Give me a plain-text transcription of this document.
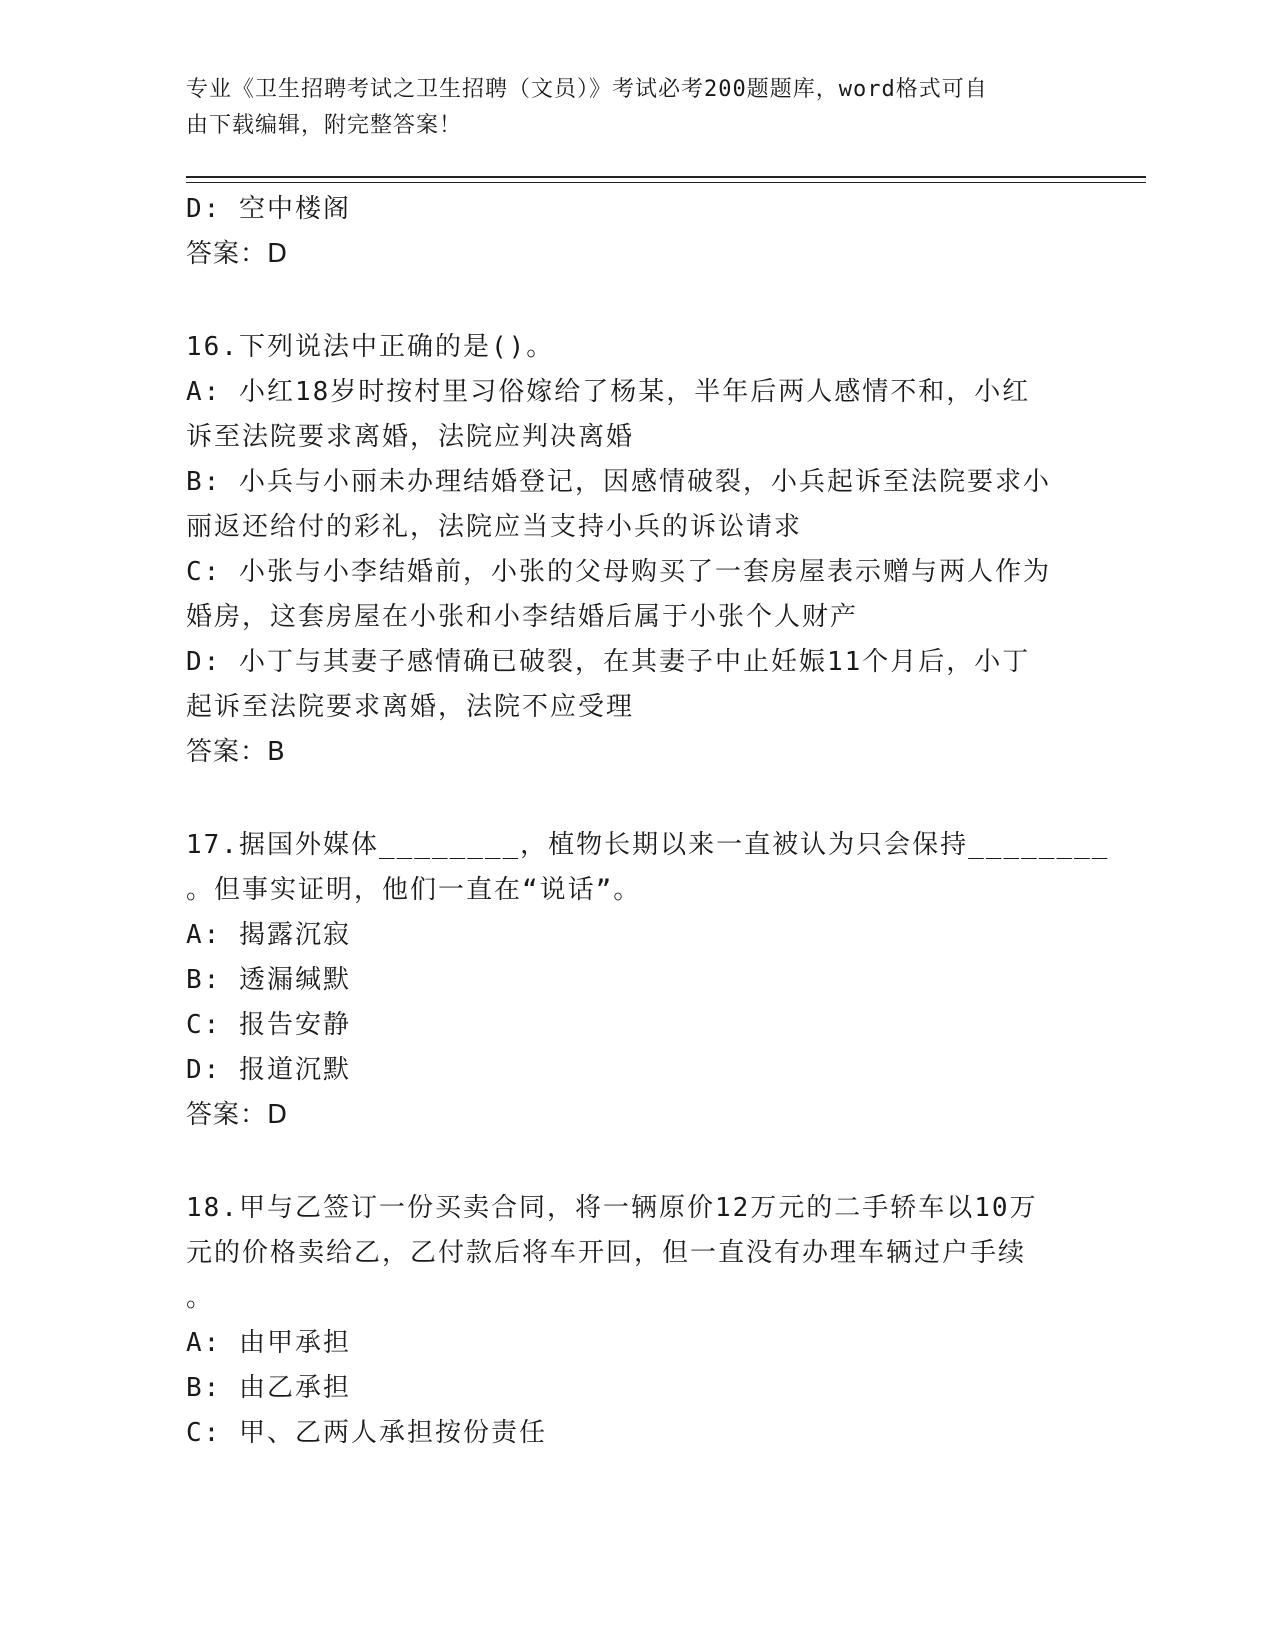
专业《卫生招聘考试之卫生招聘（文员）》考试必考200题题库，word格式可自
由下载编辑，附完整答案！
D: 空中楼阁
答案：D
16.下列说法中正确的是()。
A: 小红18岁时按村里习俗嫁给了杨某，半年后两人感情不和，小红
诉至法院要求离婚，法院应判决离婚
B: 小兵与小丽未办理结婚登记，因感情破裂，小兵起诉至法院要求小
丽返还给付的彩礼，法院应当支持小兵的诉讼请求
C: 小张与小李结婚前，小张的父母购买了一套房屋表示赠与两人作为
婚房，这套房屋在小张和小李结婚后属于小张个人财产
D: 小丁与其妻子感情确已破裂，在其妻子中止妊娠11个月后，小丁
起诉至法院要求离婚，法院不应受理
答案：B
17.据国外媒体________，植物长期以来一直被认为只会保持________
。但事实证明，他们一直在“说话”。
A: 揭露沉寂
B: 透漏缄默
C: 报告安静
D: 报道沉默
答案：D
18.甲与乙签订一份买卖合同，将一辆原价12万元的二手轿车以10万
元的价格卖给乙，乙付款后将车开回，但一直没有办理车辆过户手续
。
A: 由甲承担
B: 由乙承担
C: 甲、乙两人承担按份责任
